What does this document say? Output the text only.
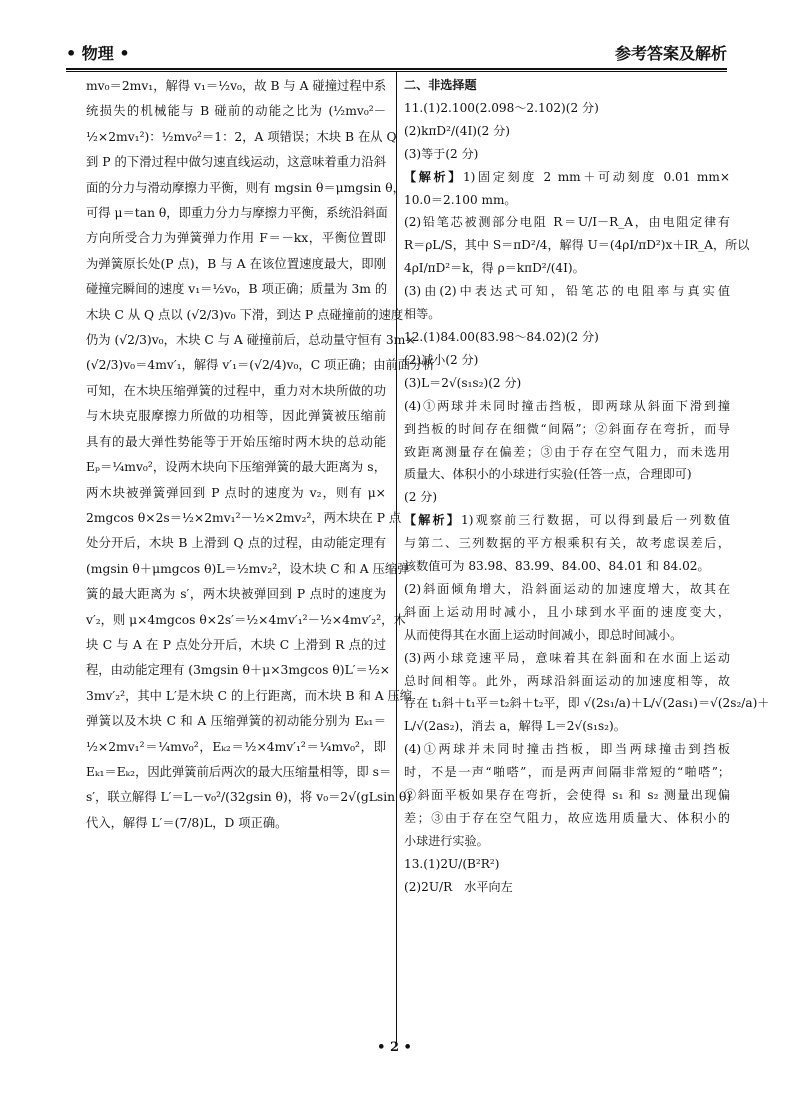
• 物理 •	参考答案及解析

mv₀＝2mv₁，解得 v₁＝½v₀，故 B 与 A 碰撞过程中系

统损失的机械能与 B 碰前的动能之比为 (½mv₀²－

½×2mv₁²)：½mv₀²＝1：2，A 项错误；木块 B 在从 Q

到 P 的下滑过程中做匀速直线运动，这意味着重力沿斜

面的分力与滑动摩擦力平衡，则有 mgsin θ＝μmgsin θ，

可得 μ＝tan θ，即重力分力与摩擦力平衡，系统沿斜面

方向所受合力为弹簧弹力作用 F＝－kx，平衡位置即

为弹簧原长处(P 点)，B 与 A 在该位置速度最大，即刚

碰撞完瞬间的速度 v₁＝½v₀，B 项正确；质量为 3m 的

木块 C 从 Q 点以 (√2/3)v₀ 下滑，到达 P 点碰撞前的速度

仍为 (√2/3)v₀，木块 C 与 A 碰撞前后，总动量守恒有 3m×

(√2/3)v₀＝4mv′₁，解得 v′₁＝(√2/4)v₀，C 项正确；由前面分析

可知，在木块压缩弹簧的过程中，重力对木块所做的功

与木块克服摩擦力所做的功相等，因此弹簧被压缩前

具有的最大弹性势能等于开始压缩时两木块的总动能

Eₚ＝¼mv₀²，设两木块向下压缩弹簧的最大距离为 s，

两木块被弹簧弹回到 P 点时的速度为 v₂，则有 μ×

2mgcos θ×2s＝½×2mv₁²－½×2mv₂²，两木块在 P 点

处分开后，木块 B 上滑到 Q 点的过程，由动能定理有

(mgsin θ＋μmgcos θ)L＝½mv₂²，设木块 C 和 A 压缩弹

簧的最大距离为 s′，两木块被弹回到 P 点时的速度为

v′₂，则 μ×4mgcos θ×2s′＝½×4mv′₁²－½×4mv′₂²，木

块 C 与 A 在 P 点处分开后，木块 C 上滑到 R 点的过

程，由动能定理有 (3mgsin θ＋μ×3mgcos θ)L′＝½×

3mv′₂²，其中 L′是木块 C 的上行距离，而木块 B 和 A 压缩

弹簧以及木块 C 和 A 压缩弹簧的初动能分别为 Eₖ₁＝

½×2mv₁²＝¼mv₀²，Eₖ₂＝½×4mv′₁²＝¼mv₀²，即

Eₖ₁＝Eₖ₂，因此弹簧前后两次的最大压缩量相等，即 s＝

s′，联立解得 L′＝L－v₀²/(32gsin θ)，将 v₀＝2√(gLsin θ)

代入，解得 L′＝(7/8)L，D 项正确。

二、非选择题

11.(1)2.100(2.098～2.102)(2 分)

(2)kπD²/(4I)(2 分)

(3)等于(2 分)

【解析】1)固定刻度 2 mm＋可动刻度 0.01 mm×

10.0＝2.100 mm。

(2)铅笔芯被测部分电阻 R＝U/I－R_A，由电阻定律有

R＝ρL/S，其中 S＝πD²/4，解得 U＝(4ρI/πD²)x＋IR_A，所以

4ρI/πD²＝k，得 ρ＝kπD²/(4I)。

(3)由(2)中表达式可知，铅笔芯的电阻率与真实值

相等。

12.(1)84.00(83.98～84.02)(2 分)

(2)减小(2 分)

(3)L＝2√(s₁s₂)(2 分)

(4)①两球并未同时撞击挡板，即两球从斜面下滑到撞

到挡板的时间存在细微“间隔”；②斜面存在弯折，而导

致距离测量存在偏差；③由于存在空气阻力，而未选用

质量大、体积小的小球进行实验(任答一点，合理即可)

(2 分)

【解析】1)观察前三行数据，可以得到最后一列数值

与第二、三列数据的平方根乘积有关，故考虑误差后，

该数值可为 83.98、83.99、84.00、84.01 和 84.02。

(2)斜面倾角增大，沿斜面运动的加速度增大，故其在

斜面上运动用时减小，且小球到水平面的速度变大，

从而使得其在水面上运动时间减小，即总时间减小。

(3)两小球竞速平局，意味着其在斜面和在水面上运动

总时间相等。此外，两球沿斜面运动的加速度相等，故

存在 t₁斜＋t₁平＝t₂斜＋t₂平，即 √(2s₁/a)＋L/√(2as₁)＝√(2s₂/a)＋

L/√(2as₂)，消去 a，解得 L＝2√(s₁s₂)。

(4)①两球并未同时撞击挡板，即当两球撞击到挡板

时，不是一声“啪嗒”，而是两声间隔非常短的“啪嗒”；

②斜面平板如果存在弯折，会使得 s₁ 和 s₂ 测量出现偏

差；③由于存在空气阻力，故应选用质量大、体积小的

小球进行实验。

13.(1)2U/(B²R²)

(2)2U/R　水平向左

• 2 •
